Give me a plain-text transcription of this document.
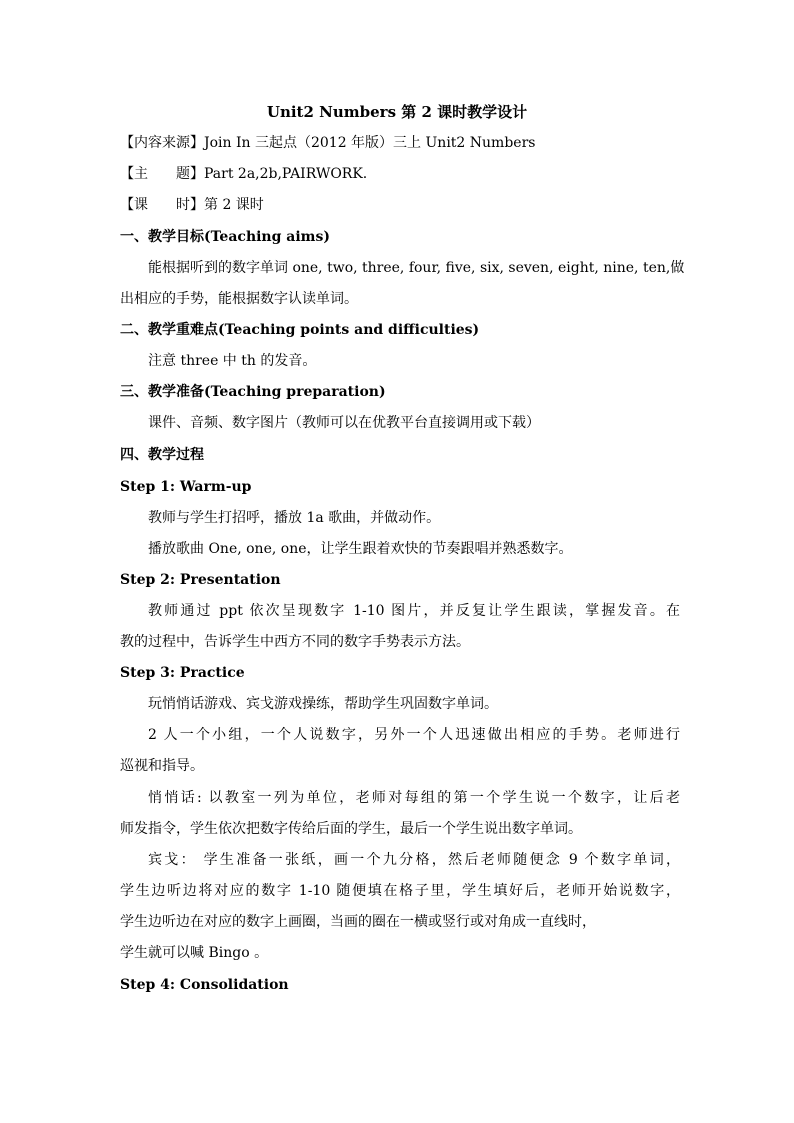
Unit2 Numbers 第 2 课时教学设计
【内容来源】Join In 三起点（2012 年版）三上 Unit2 Numbers
【主　　题】Part 2a,2b,PAIRWORK.
【课　　时】第 2 课时
一、教学目标(Teaching aims)
能根据听到的数字单词 one, two, three, four, five, six, seven, eight, nine, ten,做
出相应的手势，能根据数字认读单词。
二、教学重难点(Teaching points and difficulties)
注意 three 中 th 的发音。
三、教学准备(Teaching preparation)
课件、音频、数字图片（教师可以在优教平台直接调用或下载）
四、教学过程
Step 1: Warm-up
教师与学生打招呼，播放 1a 歌曲，并做动作。
播放歌曲 One, one, one，让学生跟着欢快的节奏跟唱并熟悉数字。
Step 2: Presentation
教师通过 ppt 依次呈现数字 1-10 图片，并反复让学生跟读，掌握发音。在
教的过程中，告诉学生中西方不同的数字手势表示方法。
Step 3: Practice
玩悄悄话游戏、宾戈游戏操练，帮助学生巩固数字单词。
2 人一个小组，一个人说数字，另外一个人迅速做出相应的手势。老师进行
巡视和指导。
悄悄话: 以教室一列为单位，老师对每组的第一个学生说一个数字，让后老
师发指令，学生依次把数字传给后面的学生，最后一个学生说出数字单词。
宾戈： 学生准备一张纸，画一个九分格，然后老师随便念 9 个数字单词，
学生边听边将对应的数字 1-10 随便填在格子里，学生填好后，老师开始说数字，
学生边听边在对应的数字上画圈，当画的圈在一横或竖行或对角成一直线时，
学生就可以喊 Bingo 。
Step 4: Consolidation
